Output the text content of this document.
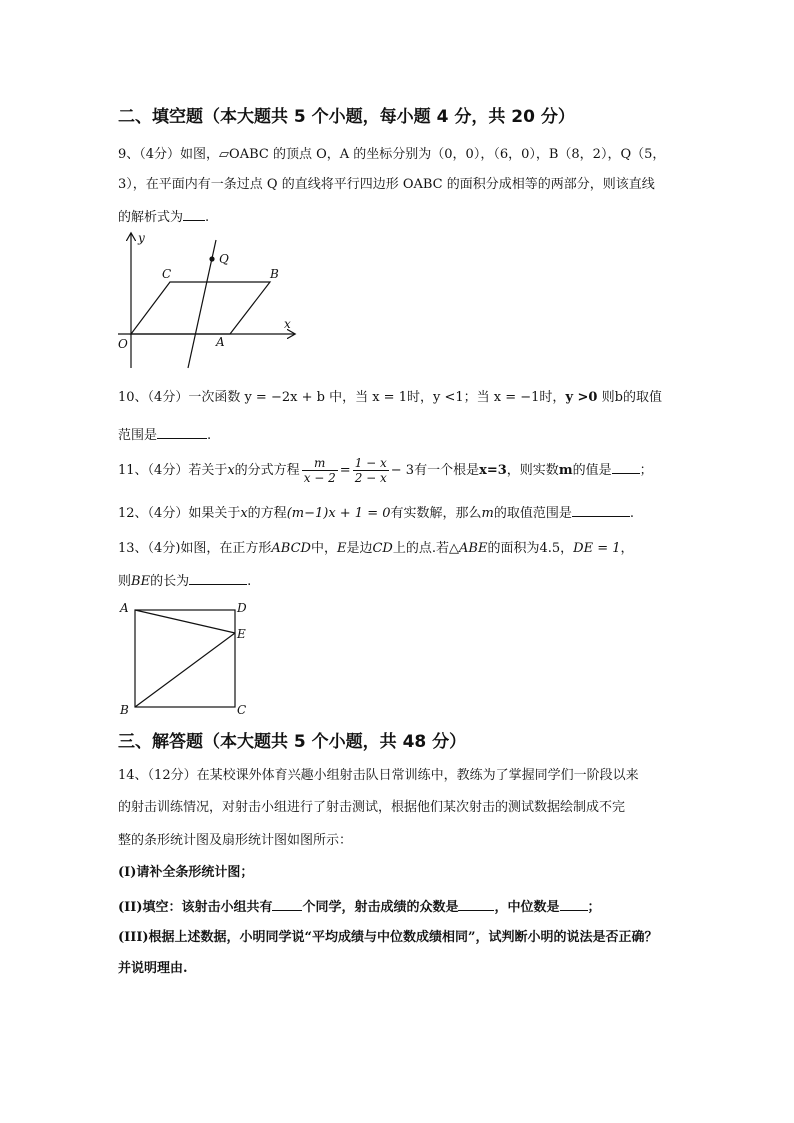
二、填空题（本大题共 5 个小题，每小题 4 分，共 20 分）
9、（4分）如图，▱OABC 的顶点 O，A 的坐标分别为（0，0），（6，0），B（8，2），Q（5，
3），在平面内有一条过点 Q 的直线将平行四边形 OABC 的面积分成相等的两部分，则该直线
的解析式为 .
y
Q
C	B
x
O	A
10、（4分）一次函数 y = −2x + b 中，当 x = 1时，y <1；当 x = −1时，y >0 则b的取值
范围是	.
11、（4分）若关于x的分式方程 $\frac{m}{x - 2} = \frac{1 - x}{2 - x} - 3$有一个根是x=3，则实数m的值是 ；
12、（4分）如果关于x的方程(m−1)x + 1 = 0有实数解，那么m的取值范围是	.
13、（4分)如图，在正方形ABCD中，E是边CD上的点.若△ABE的面积为4.5，DE = 1，
则BE的长为	.
A	D
E
B	C
三、解答题（本大题共 5 个小题，共 48 分）
14、（12分）在某校课外体育兴趣小组射击队日常训练中，教练为了掌握同学们一阶段以来
的射击训练情况，对射击小组进行了射击测试，根据他们某次射击的测试数据绘制成不完
整的条形统计图及扇形统计图如图所示：
(I)请补全条形统计图；
(II)填空：该射击小组共有 个同学，射击成绩的众数是	，中位数是 ；
(III)根据上述数据，小明同学说“平均成绩与中位数成绩相同”，试判断小明的说法是否正确？
并说明理由.
